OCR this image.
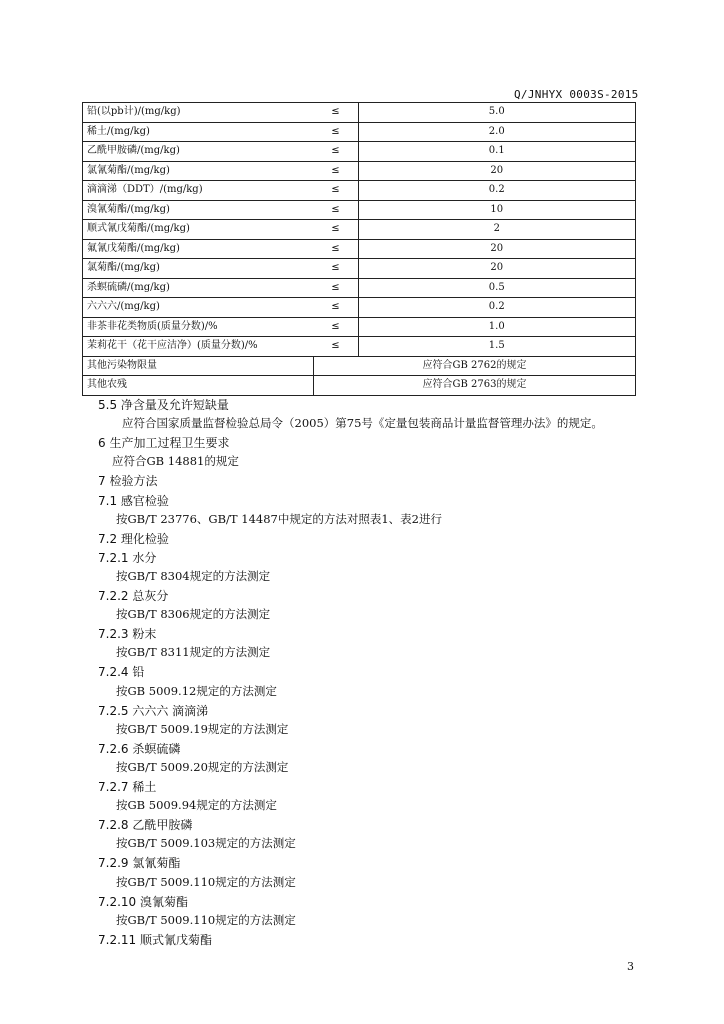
Q/JNHYX 0003S-2015
铅(以pb计)/(mg/kg)	≤	5.0
稀土/(mg/kg)	≤	2.0
乙酰甲胺磷/(mg/kg)	≤	0.1
氯氰菊酯/(mg/kg)	≤	20
滴滴涕（DDT）/(mg/kg)	≤	0.2
溴氰菊酯/(mg/kg)	≤	10
顺式氰戊菊酯/(mg/kg)	≤	2
氟氰戊菊酯/(mg/kg)	≤	20
氯菊酯/(mg/kg)	≤	20
杀螟硫磷/(mg/kg)	≤	0.5
六六六/(mg/kg)	≤	0.2
非茶非花类物质(质量分数)/%	≤	1.0
茉莉花干（花干应洁净）(质量分数)/%	≤	1.5
其他污染物限量	应符合GB 2762的规定	
其他农残	应符合GB 2763的规定	
5.5 净含量及允许短缺量
应符合国家质量监督检验总局令（2005）第75号《定量包装商品计量监督管理办法》的规定。
6 生产加工过程卫生要求
应符合GB 14881的规定
7 检验方法
7.1 感官检验
按GB/T 23776、GB/T 14487中规定的方法对照表1、表2进行
7.2 理化检验
7.2.1 水分
按GB/T 8304规定的方法测定
7.2.2 总灰分
按GB/T 8306规定的方法测定
7.2.3 粉末
按GB/T 8311规定的方法测定
7.2.4 铅
按GB 5009.12规定的方法测定
7.2.5 六六六 滴滴涕
按GB/T 5009.19规定的方法测定
7.2.6 杀螟硫磷
按GB/T 5009.20规定的方法测定
7.2.7 稀土
按GB 5009.94规定的方法测定
7.2.8 乙酰甲胺磷
按GB/T 5009.103规定的方法测定
7.2.9 氯氰菊酯
按GB/T 5009.110规定的方法测定
7.2.10 溴氰菊酯
按GB/T 5009.110规定的方法测定
7.2.11 顺式氰戊菊酯
3
